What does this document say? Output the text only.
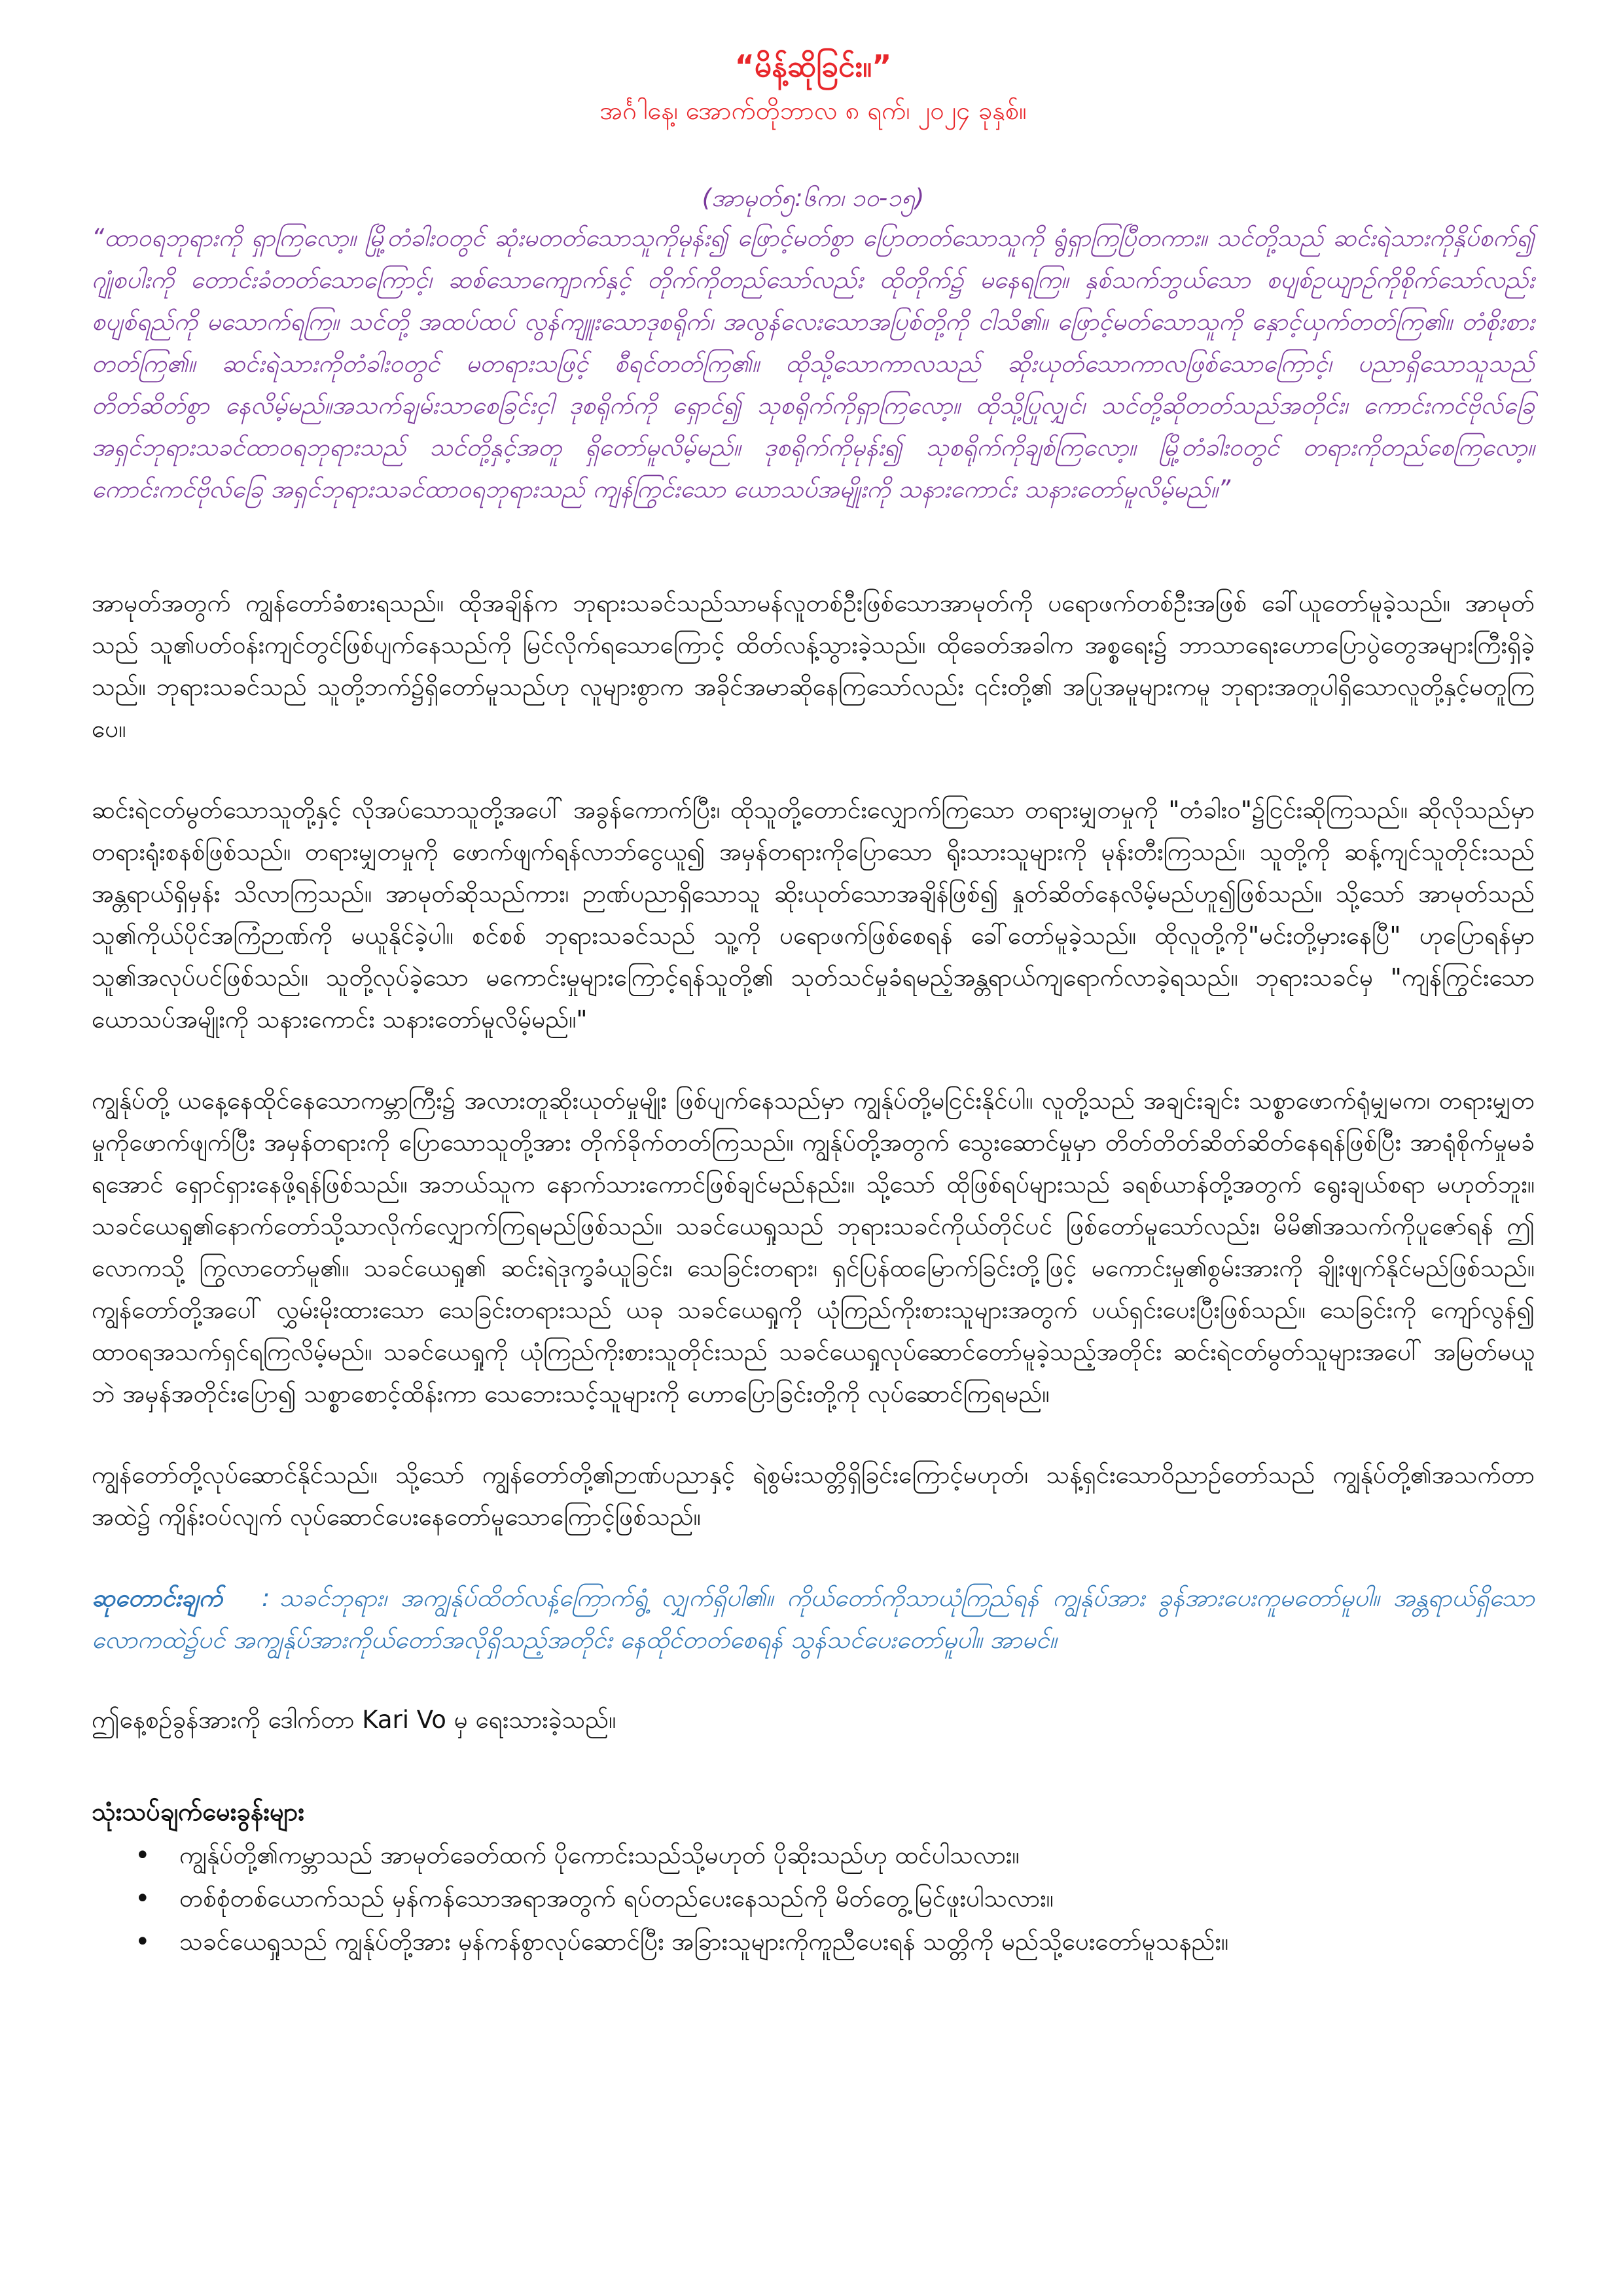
“မိန့်ဆိုခြင်း။”
အင်္ဂါနေ့၊ အောက်တိုဘာလ ၈ ရက်၊ ၂၀၂၄ ခုနှစ်။
(အာမုတ်၅:၆က၊ ၁၀-၁၅)

“ထာဝရဘုရားကို ရှာကြလော့။ မြို့တံခါးဝတွင် ဆုံးမတတ်သောသူကိုမုန်း၍ ဖြောင့်မတ်စွာ ပြောတတ်သောသူကို ရွံရှာကြပြီတကား။ သင်တို့သည် ဆင်းရဲသားကိုနှိပ်စက်၍ ဂျုံစပါးကို တောင်းခံတတ်သောကြောင့်၊ ဆစ်သောကျောက်နှင့် တိုက်ကိုတည်သော်လည်း ထိုတိုက်၌ မနေရကြ။ နှစ်သက်ဘွယ်သော စပျစ်ဥယျာဉ်ကိုစိုက်သော်လည်း စပျစ်ရည်ကို မသောက်ရကြ။ သင်တို့ အထပ်ထပ် လွန်ကျူးသောဒုစရိုက်၊ အလွန်လေးသောအပြစ်တို့ကို ငါသိ၏။ ဖြောင့်မတ်သောသူကို နှောင့်ယှက်တတ်ကြ၏။ တံစိုးစားတတ်ကြ၏။ ဆင်းရဲသားကိုတံခါးဝတွင် မတရားသဖြင့် စီရင်တတ်ကြ၏။ ထိုသို့သောကာလသည် ဆိုးယုတ်သောကာလဖြစ်သောကြောင့်၊ ပညာရှိသောသူသည် တိတ်ဆိတ်စွာ နေလိမ့်မည်။အသက်ချမ်းသာစေခြင်းငှါ ဒုစရိုက်ကို ရှောင်၍ သုစရိုက်ကိုရှာကြလော့။ ထိုသို့ပြုလျှင်၊ သင်တို့ဆိုတတ်သည်အတိုင်း၊ ကောင်းကင်ဗိုလ်ခြေအရှင်ဘုရားသခင်ထာဝရဘုရားသည် သင်တို့နှင့်အတူ ရှိတော်မူလိမ့်မည်။ ဒုစရိုက်ကိုမုန်း၍ သုစရိုက်ကိုချစ်ကြလော့။ မြို့တံခါးဝတွင် တရားကိုတည်စေကြလော့။ ကောင်းကင်ဗိုလ်ခြေ အရှင်ဘုရားသခင်ထာဝရဘုရားသည် ကျန်ကြွင်းသော ယောသပ်အမျိုးကို သနားကောင်း သနားတော်မူလိမ့်မည်။”

အာမုတ်အတွက် ကျွန်တော်ခံစားရသည်။ ထိုအချိန်က ဘုရားသခင်သည်သာမန်လူတစ်ဦးဖြစ်သောအာမုတ်ကို ပရောဖက်တစ်ဦးအဖြစ် ခေါ်ယူတော်မူခဲ့သည်။ အာမုတ်သည် သူ၏ပတ်ဝန်းကျင်တွင်ဖြစ်ပျက်နေသည်ကို မြင်လိုက်ရသောကြောင့် ထိတ်လန့်သွားခဲ့သည်။ ထိုခေတ်အခါက အစ္စရေး၌ ဘာသာရေးဟောပြောပွဲတွေအများကြီးရှိခဲ့သည်။ ဘုရားသခင်သည် သူတို့ဘက်၌ရှိတော်မူသည်ဟု လူများစွာက အခိုင်အမာဆိုနေကြသော်လည်း ၎င်းတို့၏ အပြုအမူများကမူ ဘုရားအတူပါရှိသောလူတို့နှင့်မတူကြပေ။

ဆင်းရဲငတ်မွတ်သောသူတို့နှင့် လိုအပ်သောသူတို့အပေါ် အခွန်ကောက်ပြီး၊ ထိုသူတို့တောင်းလျှောက်ကြသော တရားမျှတမှုကို "တံခါးဝ"၌ငြင်းဆိုကြသည်။ ဆိုလိုသည်မှာ တရားရုံးစနစ်ဖြစ်သည်။ တရားမျှတမှုကို ဖောက်ဖျက်ရန်လာဘ်ငွေယူ၍ အမှန်တရားကိုပြောသော ရိုးသားသူများကို မုန်းတီးကြသည်။ သူတို့ကို ဆန့်ကျင်သူတိုင်းသည် အန္တရာယ်ရှိမှန်း သိလာကြသည်။ အာမုတ်ဆိုသည်ကား၊ ဉာဏ်ပညာရှိသောသူ ဆိုးယုတ်သောအချိန်ဖြစ်၍ နှုတ်ဆိတ်နေလိမ့်မည်ဟူ၍ဖြစ်သည်။ သို့သော် အာမုတ်သည် သူ၏ကိုယ်ပိုင်အကြံဉာဏ်ကို မယူနိုင်ခဲ့ပါ။ စင်စစ် ဘုရားသခင်သည် သူ့ကို ပရောဖက်ဖြစ်စေရန် ခေါ်တော်မူခဲ့သည်။ ထိုလူတို့ကို"မင်းတို့မှားနေပြီ" ဟုပြောရန်မှာ သူ၏အလုပ်ပင်ဖြစ်သည်။ သူတို့လုပ်ခဲ့သော မကောင်းမှုများကြောင့်ရန်သူတို့၏ သုတ်သင်မှုခံရမည့်အန္တရာယ်ကျရောက်လာခဲ့ရသည်။ ဘုရားသခင်မှ "ကျန်ကြွင်းသော ယောသပ်အမျိုးကို သနားကောင်း သနားတော်မူလိမ့်မည်။"

ကျွန်ုပ်တို့ ယနေ့နေထိုင်နေသောကမ္ဘာကြီး၌ အလားတူဆိုးယုတ်မှုမျိုး ဖြစ်ပျက်နေသည်မှာ ကျွန်ုပ်တို့မငြင်းနိုင်ပါ။ လူတို့သည် အချင်းချင်း သစ္စာဖောက်ရုံမျှမက၊ တရားမျှတမှုကိုဖောက်ဖျက်ပြီး အမှန်တရားကို ပြောသောသူတို့အား တိုက်ခိုက်တတ်ကြသည်။ ကျွန်ုပ်တို့အတွက် သွေးဆောင်မှုမှာ တိတ်တိတ်ဆိတ်ဆိတ်နေရန်ဖြစ်ပြီး အာရုံစိုက်မှုမခံရအောင် ရှောင်ရှားနေဖို့ရန်ဖြစ်သည်။ အဘယ်သူက နောက်သားကောင်ဖြစ်ချင်မည်နည်း။ သို့သော် ထိုဖြစ်ရပ်များသည် ခရစ်ယာန်တို့အတွက် ရွေးချယ်စရာ မဟုတ်ဘူး။ သခင်ယေရှု၏နောက်တော်သို့သာလိုက်လျှောက်ကြရမည်ဖြစ်သည်။ သခင်ယေရှုသည် ဘုရားသခင်ကိုယ်တိုင်ပင် ဖြစ်တော်မူသော်လည်း၊ မိမိ၏အသက်ကိုပူဇော်ရန် ဤလောကသို့ ကြွလာတော်မူ၏။ သခင်ယေရှု၏ ဆင်းရဲဒုက္ခခံယူခြင်း၊ သေခြင်းတရား၊ ရှင်ပြန်ထမြောက်ခြင်းတို့ဖြင့် မကောင်းမှု၏စွမ်းအားကို ချိုးဖျက်နိုင်မည်ဖြစ်သည်။ ကျွန်တော်တို့အပေါ် လွှမ်းမိုးထားသော သေခြင်းတရားသည် ယခု သခင်ယေရှုကို ယုံကြည်ကိုးစားသူများအတွက် ပယ်ရှင်းပေးပြီးဖြစ်သည်။ သေခြင်းကို ကျော်လွန်၍ ထာဝရအသက်ရှင်ရကြလိမ့်မည်။ သခင်ယေရှုကို ယုံကြည်ကိုးစားသူတိုင်းသည် သခင်ယေရှုလုပ်ဆောင်တော်မူခဲ့သည့်အတိုင်း ဆင်းရဲငတ်မွတ်သူများအပေါ် အမြတ်မယူဘဲ အမှန်အတိုင်းပြော၍ သစ္စာစောင့်ထိန်းကာ သေဘေးသင့်သူများကို ဟောပြောခြင်းတို့ကို လုပ်ဆောင်ကြရမည်။

ကျွန်တော်တို့လုပ်ဆောင်နိုင်သည်။ သို့သော် ကျွန်တော်တို့၏ဉာဏ်ပညာနှင့် ရဲစွမ်းသတ္တိရှိခြင်းကြောင့်မဟုတ်၊ သန့်ရှင်းသောဝိညာဉ်တော်သည် ကျွန်ုပ်တို့၏အသက်တာအထဲ၌ ကျိန်းဝပ်လျက် လုပ်ဆောင်ပေးနေတော်မူသောကြောင့်ဖြစ်သည်။

ဆုတောင်းချက် : သခင်ဘုရား၊ အကျွန်ုပ်ထိတ်လန့်ကြောက်ရွံ့ လျှက်ရှိပါ၏။ ကိုယ်တော်ကိုသာယုံကြည်ရန် ကျွန်ုပ်အား ခွန်အားပေးကူမတော်မူပါ။ အန္တရာယ်ရှိသောလောကထဲ၌ပင် အကျွန်ုပ်အားကိုယ်တော်အလိုရှိသည့်အတိုင်း နေထိုင်တတ်စေရန် သွန်သင်ပေးတော်မူပါ။ အာမင်။

ဤနေ့စဉ်ခွန်အားကို ဒေါက်တာ Kari Vo မှ ရေးသားခဲ့သည်။

သုံးသပ်ချက်မေးခွန်းများ
• ကျွန်ုပ်တို့၏ကမ္ဘာသည် အာမုတ်ခေတ်ထက် ပိုကောင်းသည်သို့မဟုတ် ပိုဆိုးသည်ဟု ထင်ပါသလား။
• တစ်စုံတစ်ယောက်သည် မှန်ကန်သောအရာအတွက် ရပ်တည်ပေးနေသည်ကို မိတ်တွေ့မြင်ဖူးပါသလား။
• သခင်ယေရှုသည် ကျွန်ုပ်တို့အား မှန်ကန်စွာလုပ်ဆောင်ပြီး အခြားသူများကိုကူညီပေးရန် သတ္တိကို မည်သို့ပေးတော်မူသနည်း။
